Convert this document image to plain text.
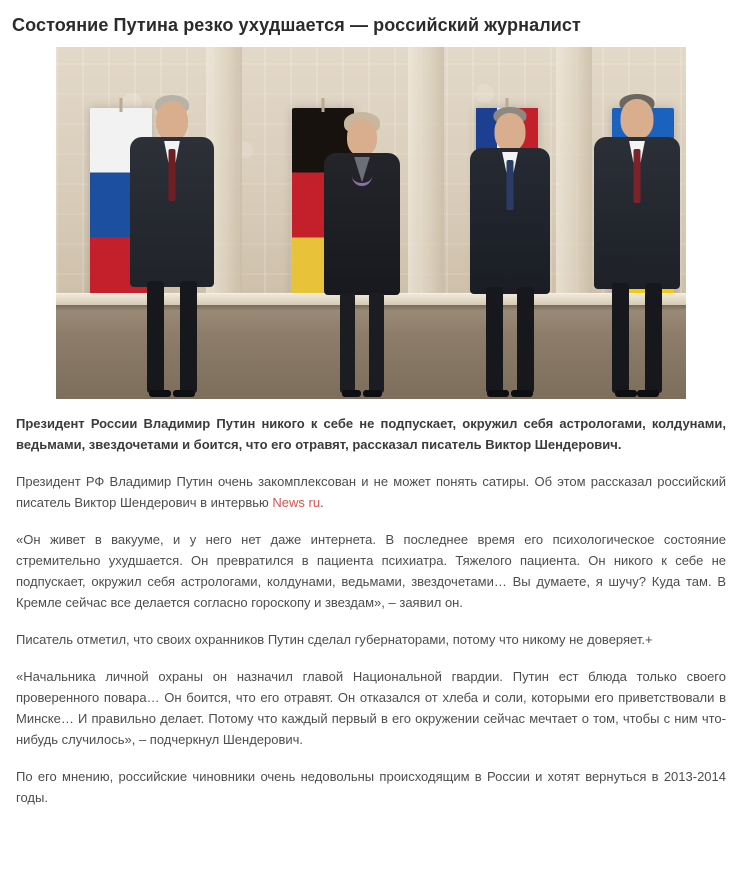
Состояние Путина резко ухудшается — российский журналист

Президент России Владимир Путин никого к себе не подпускает, окружил себя астрологами, колдунами, ведьмами, звездочетами и боится, что его отравят, рассказал писатель Виктор Шендерович.

Президент РФ Владимир Путин очень закомплексован и не может понять сатиры. Об этом рассказал российский писатель Виктор Шендерович в интервью News ru.

«Он живет в вакууме, и у него нет даже интернета. В последнее время его психологическое состояние стремительно ухудшается. Он превратился в пациента психиатра. Тяжелого пациента. Он никого к себе не подпускает, окружил себя астрологами, колдунами, ведьмами, звездочетами… Вы думаете, я шучу? Куда там. В Кремле сейчас все делается согласно гороскопу и звездам», – заявил он.

Писатель отметил, что своих охранников Путин сделал губернаторами, потому что никому не доверяет.+

«Начальника личной охраны он назначил главой Национальной гвардии. Путин ест блюда только своего проверенного повара… Он боится, что его отравят. Он отказался от хлеба и соли, которыми его приветствовали в Минске… И правильно делает. Потому что каждый первый в его окружении сейчас мечтает о том, чтобы с ним что-нибудь случилось», – подчеркнул Шендерович.

По его мнению, российские чиновники очень недовольны происходящим в России и хотят вернуться в 2013-2014 годы.
